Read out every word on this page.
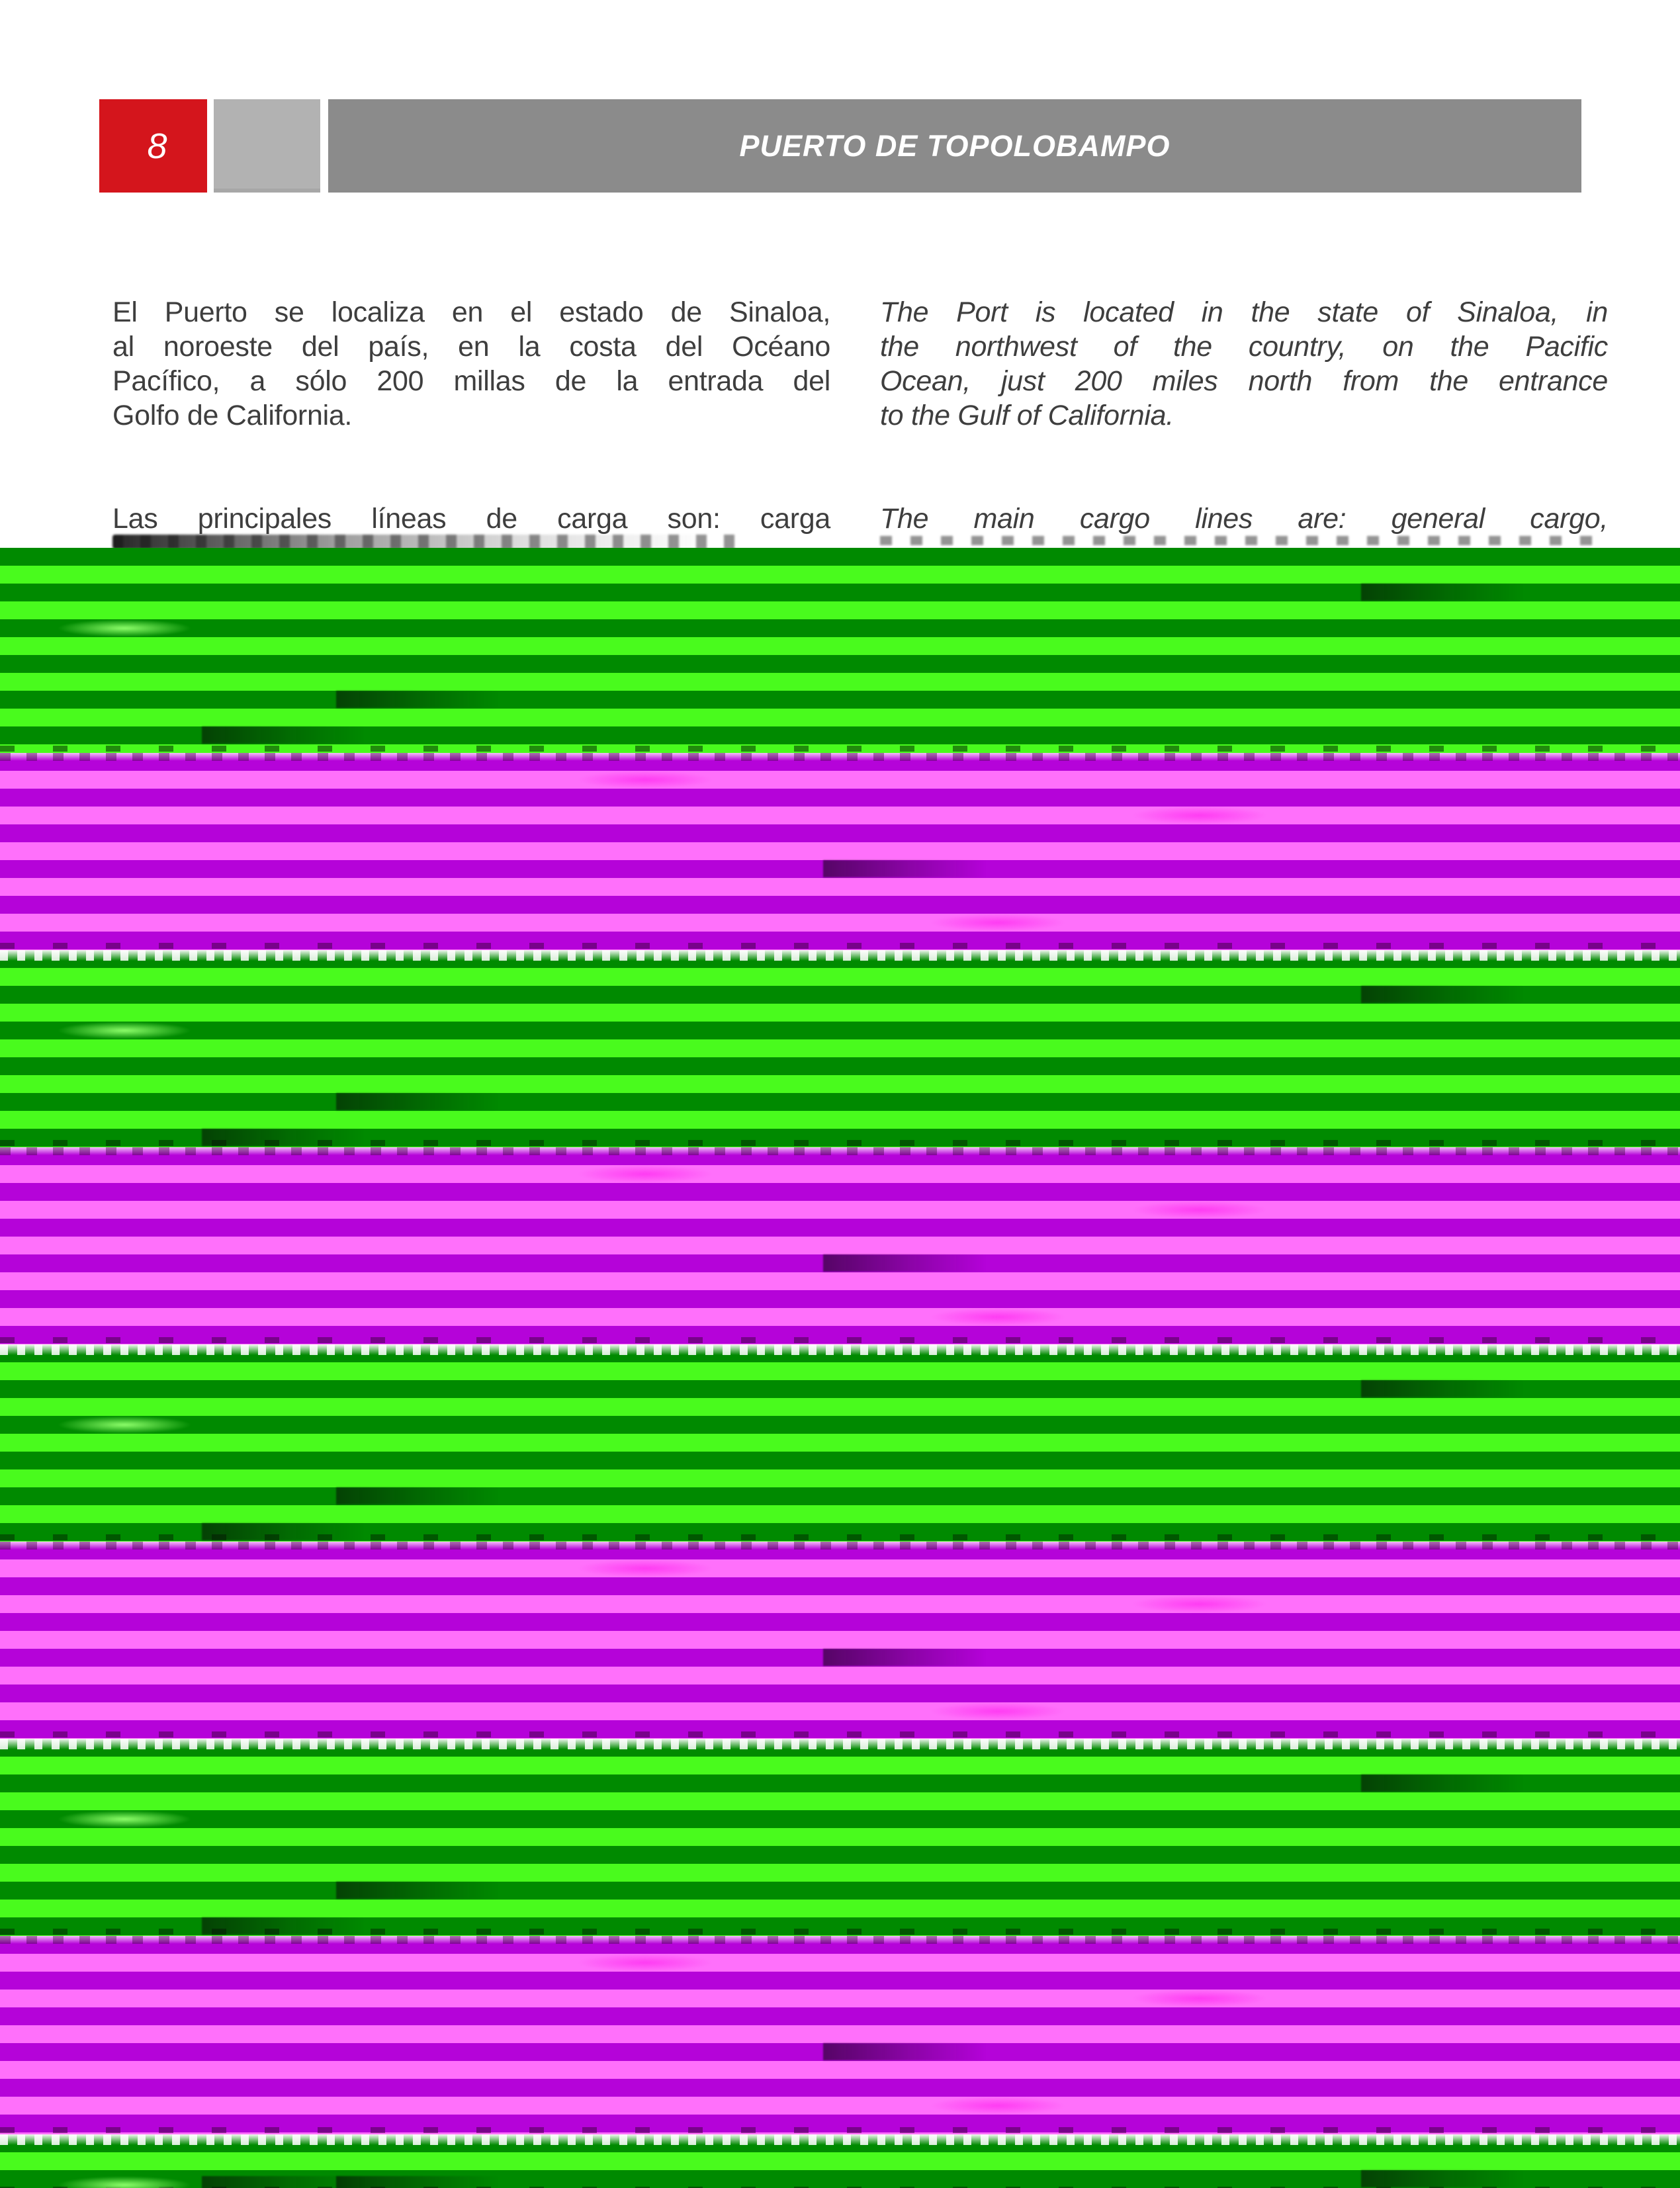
8	PUERTO DE TOPOLOBAMPO
El Puerto se localiza en el estado de Sinaloa,
al noroeste del país, en la costa del Océano
Pacífico, a sólo 200 millas de la entrada del
Golfo de California.
Las principales líneas de carga son: carga
The Port is located in the state of Sinaloa, in
the northwest of the country, on the Pacific
Ocean, just 200 miles north from the entrance
to the Gulf of California.
The main cargo lines are: general cargo,
